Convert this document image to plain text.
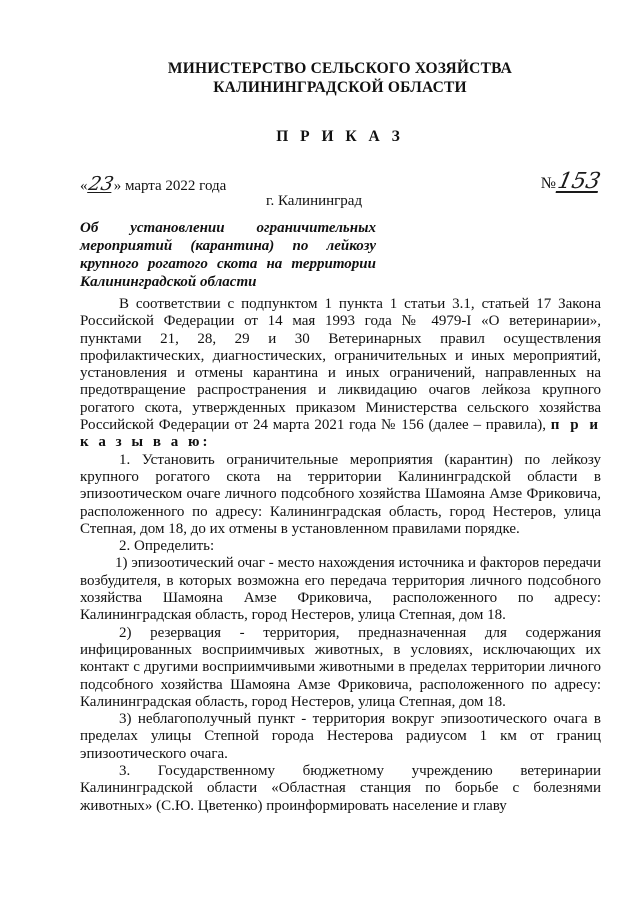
МИНИСТЕРСТВО СЕЛЬСКОГО ХОЗЯЙСТВА
КАЛИНИНГРАДСКОЙ ОБЛАСТИ
П Р И К А З
«23» марта 2022 года	№153
г. Калининград
Об установлении ограничительных мероприятий (карантина) по лейкозу крупного рогатого скота на территории Калининградской области

В соответствии с подпунктом 1 пункта 1 статьи 3.1, статьей 17 Закона Российской Федерации от 14 мая 1993 года № 4979-I «О ветеринарии», пунктами 21, 28, 29 и 30 Ветеринарных правил осуществления профилактических, диагностических, ограничительных и иных мероприятий, установления и отмены карантина и иных ограничений, направленных на предотвращение распространения и ликвидацию очагов лейкоза крупного рогатого скота, утвержденных приказом Министерства сельского хозяйства Российской Федерации от 24 марта 2021 года № 156 (далее – правила), п р и к а з ы в а ю:

1. Установить ограничительные мероприятия (карантин) по лейкозу крупного рогатого скота на территории Калининградской области в эпизоотическом очаге личного подсобного хозяйства Шамояна Амзе Фриковича, расположенного по адресу: Калининградская область, город Нестеров, улица Степная, дом 18, до их отмены в установленном правилами порядке.

2. Определить:

1) эпизоотический очаг - место нахождения источника и факторов передачи возбудителя, в которых возможна его передача территория личного подсобного хозяйства Шамояна Амзе Фриковича, расположенного по адресу: Калининградская область, город Нестеров, улица Степная, дом 18.

2) резервация - территория, предназначенная для содержания инфицированных восприимчивых животных, в условиях, исключающих их контакт с другими восприимчивыми животными в пределах территории личного подсобного хозяйства Шамояна Амзе Фриковича, расположенного по адресу: Калининградская область, город Нестеров, улица Степная, дом 18.

3) неблагополучный пункт - территория вокруг эпизоотического очага в пределах улицы Степной города Нестерова радиусом 1 км от границ эпизоотического очага.

3. Государственному бюджетному учреждению ветеринарии Калининградской области «Областная станция по борьбе с болезнями животных» (С.Ю. Цветенко) проинформировать население и главу
